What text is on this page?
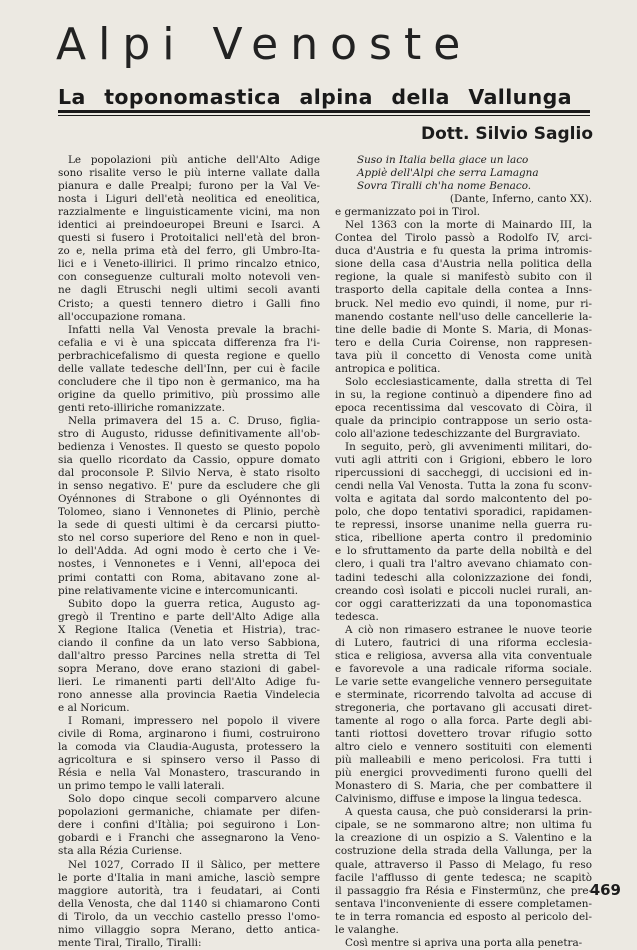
Alpi Venoste
La toponomastica alpina della Vallunga

Dott. Silvio Saglio

Le popolazioni più antiche dell'Alto Adige
sono risalite verso le più interne vallate dalla
pianura e dalle Prealpi; furono per la Val Ve-
nosta i Liguri dell'età neolitica ed eneolitica,
razzialmente e linguisticamente vicini, ma non
identici ai preindoeuropei Breuni e Isarci. A
questi si fusero i Protoitalici nell'età del bron-
zo e, nella prima età del ferro, gli Umbro-Ita-
lici e i Veneto-illirici. Il primo rincalzo etnico,
con conseguenze culturali molto notevoli ven-
ne dagli Etruschi negli ultimi secoli avanti
Cristo; a questi tennero dietro i Galli fino
all'occupazione romana.
Infatti nella Val Venosta prevale la brachi-
cefalia e vi è una spiccata differenza fra l'i-
perbrachicefalismo di questa regione e quello
delle vallate tedesche dell'Inn, per cui è facile
concludere che il tipo non è germanico, ma ha
origine da quello primitivo, più prossimo alle
genti reto-illiriche romanizzate.
Nella primavera del 15 a. C. Druso, figlia-
stro di Augusto, ridusse definitivamente all'ob-
bedienza i Venostes. Il questo se questo popolo
sia quello ricordato da Cassio, oppure domato
dal proconsole P. Silvio Nerva, è stato risolto
in senso negativo. E' pure da escludere che gli
Oyénnones di Strabone o gli Oyénnontes di
Tolomeo, siano i Vennonetes di Plinio, perchè
la sede di questi ultimi è da cercarsi piutto-
sto nel corso superiore del Reno e non in quel-
lo dell'Adda. Ad ogni modo è certo che i Ve-
nostes, i Vennonetes e i Venni, all'epoca dei
primi contatti con Roma, abitavano zone al-
pine relativamente vicine e intercomunicanti.
Subito dopo la guerra retica, Augusto ag-
gregò il Trentino e parte dell'Alto Adige alla
X Regione Italica (Venetia et Histria), trac-
ciando il confine da un lato verso Sabbiona,
dall'altro presso Parcines nella stretta di Tel
sopra Merano, dove erano stazioni di gabel-
lieri. Le rimanenti parti dell'Alto Adige fu-
rono annesse alla provincia Raetia Vindelecia
e al Noricum.
I Romani, impressero nel popolo il vivere
civile di Roma, arginarono i fiumi, costruirono
la comoda via Claudia-Augusta, protessero la
agricoltura e si spinsero verso il Passo di
Résia e nella Val Monastero, trascurando in
un primo tempo le valli laterali.
Solo dopo cinque secoli comparvero alcune
popolazioni germaniche, chiamate per difen-
dere i confini d'Itàlia; poi seguirono i Lon-
gobardi e i Franchi che assegnarono la Veno-
sta alla Rézia Curiense.
Nel 1027, Corrado II il Sàlico, per mettere
le porte d'Italia in mani amiche, lasciò sempre
maggiore autorità, tra i feudatari, ai Conti
della Venosta, che dal 1140 si chiamarono Conti
di Tirolo, da un vecchio castello presso l'omo-
nimo villaggio sopra Merano, detto antica-
mente Tiral, Tirallo, Tiralli:
Suso in Italia bella giace un laco
Appiè dell'Alpi che serra Lamagna
Sovra Tiralli ch'ha nome Benaco.
(Dante, Inferno, canto XX).
e germanizzato poi in Tirol.
Nel 1363 con la morte di Mainardo III, la
Contea del Tirolo passò a Rodolfo IV, arci-
duca d'Austria e fu questa la prima intromis-
sione della casa d'Austria nella politica della
regione, la quale si manifestò subito con il
trasporto della capitale della contea a Inns-
bruck. Nel medio evo quindi, il nome, pur ri-
manendo costante nell'uso delle cancellerie la-
tine delle badie di Monte S. Maria, di Monas-
tero e della Curia Coirense, non rappresen-
tava più il concetto di Venosta come unità
antropica e politica.
Solo ecclesiasticamente, dalla stretta di Tel
in su, la regione continuò a dipendere fino ad
epoca recentissima dal vescovato di Còira, il
quale da principio contrappose un serio osta-
colo all'azione tedeschizzante del Burgraviato.
In seguito, però, gli avvenimenti militari, do-
vuti agli attriti con i Grigioni, ebbero le loro
ripercussioni di saccheggi, di uccisioni ed in-
cendi nella Val Venosta. Tutta la zona fu sconv-
volta e agitata dal sordo malcontento del po-
polo, che dopo tentativi sporadici, rapidamen-
te repressi, insorse unanime nella guerra ru-
stica, ribellione aperta contro il predominio
e lo sfruttamento da parte della nobiltà e del
clero, i quali tra l'altro avevano chiamato con-
tadini tedeschi alla colonizzazione dei fondi,
creando così isolati e piccoli nuclei rurali, an-
cor oggi caratterizzati da una toponomastica
tedesca.
A ciò non rimasero estranee le nuove teorie
di Lutero, fautrici di una riforma ecclesia-
stica e religiosa, avversa alla vita conventuale
e favorevole a una radicale riforma sociale.
Le varie sette evangeliche vennero perseguitate
e sterminate, ricorrendo talvolta ad accuse di
stregoneria, che portavano gli accusati diret-
tamente al rogo o alla forca. Parte degli abi-
tanti riottosi dovettero trovar rifugio sotto
altro cielo e vennero sostituiti con elementi
più malleabili e meno pericolosi. Fra tutti i
più energici provvedimenti furono quelli del
Monastero di S. Maria, che per combattere il
Calvinismo, diffuse e impose la lingua tedesca.
A questa causa, che può considerarsi la prin-
cipale, se ne sommarono altre; non ultima fu
la creazione di un ospizio a S. Valentino e la
costruzione della strada della Vallunga, per la
quale, attraverso il Passo di Melago, fu reso
facile l'afflusso di gente tedesca; ne scapitò
il passaggio fra Résia e Finstermünz, che pre-
sentava l'inconveniente di essere completamen-
te in terra romancia ed esposto al pericolo del-
le valanghe.
Così mentre si apriva una porta alla penetra-

469
